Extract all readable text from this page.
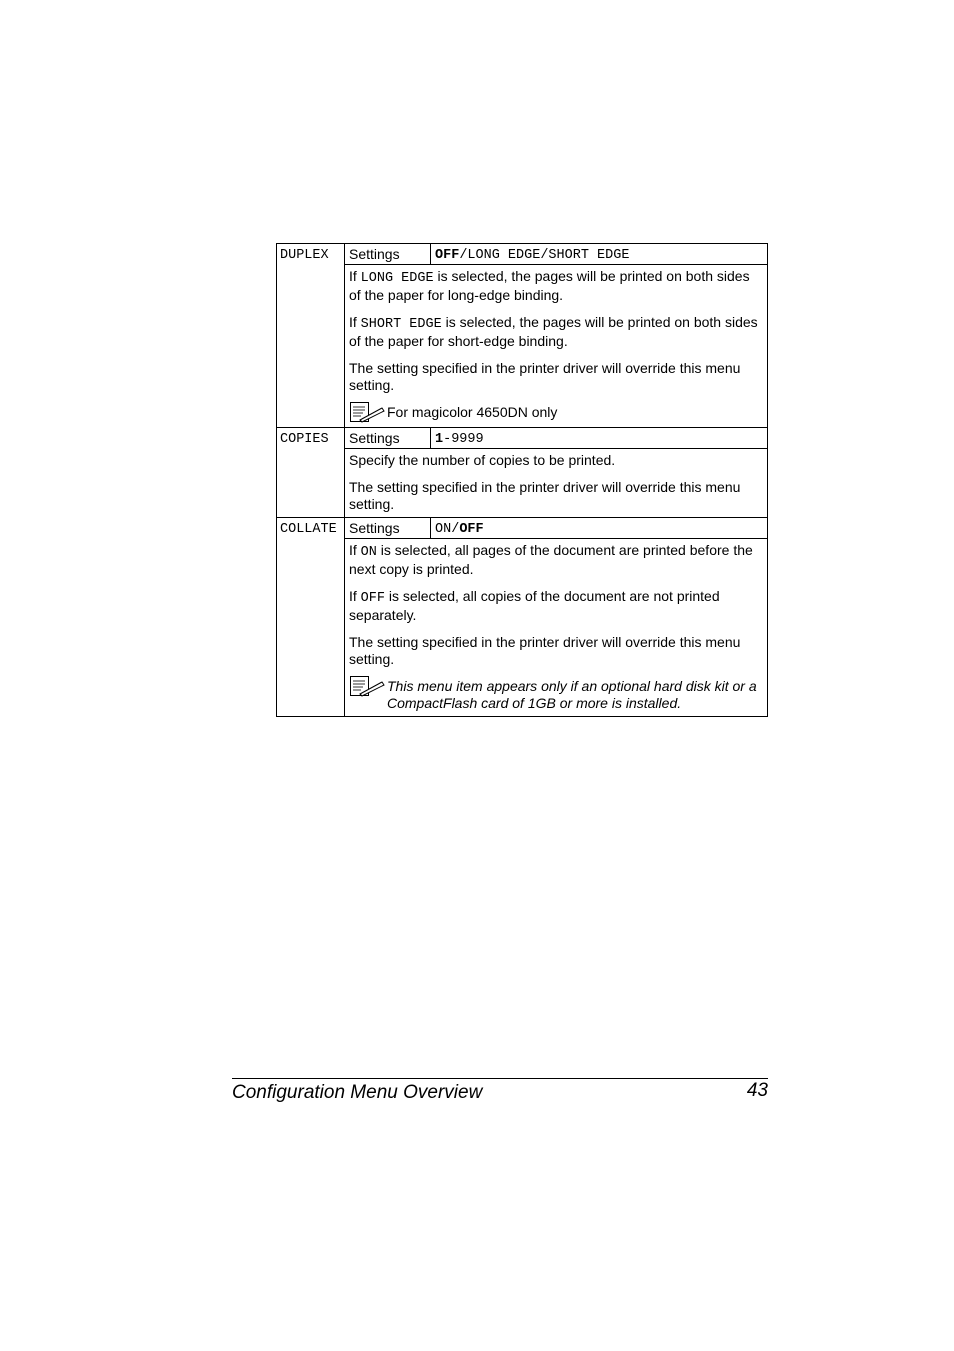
DUPLEX	Settings	OFF/LONG EDGE/SHORT EDGE

	If LONG EDGE is selected, the pages will be printed on both sides of the paper for long-edge binding.

If SHORT EDGE is selected, the pages will be printed on both sides of the paper for short-edge binding.

The setting specified in the printer driver will override this menu setting.

For magicolor 4650DN only	

COPIES	Settings	1-9999

	Specify the number of copies to be printed.

The setting specified in the printer driver will override this menu setting.	

COLLATE	Settings	ON/OFF

	If ON is selected, all pages of the document are printed before the next copy is printed.

If OFF is selected, all copies of the document are not printed separately.

The setting specified in the printer driver will override this menu setting.

This menu item appears only if an optional hard disk kit or a CompactFlash card of 1GB or more is installed.	
Configuration Menu Overview	43
